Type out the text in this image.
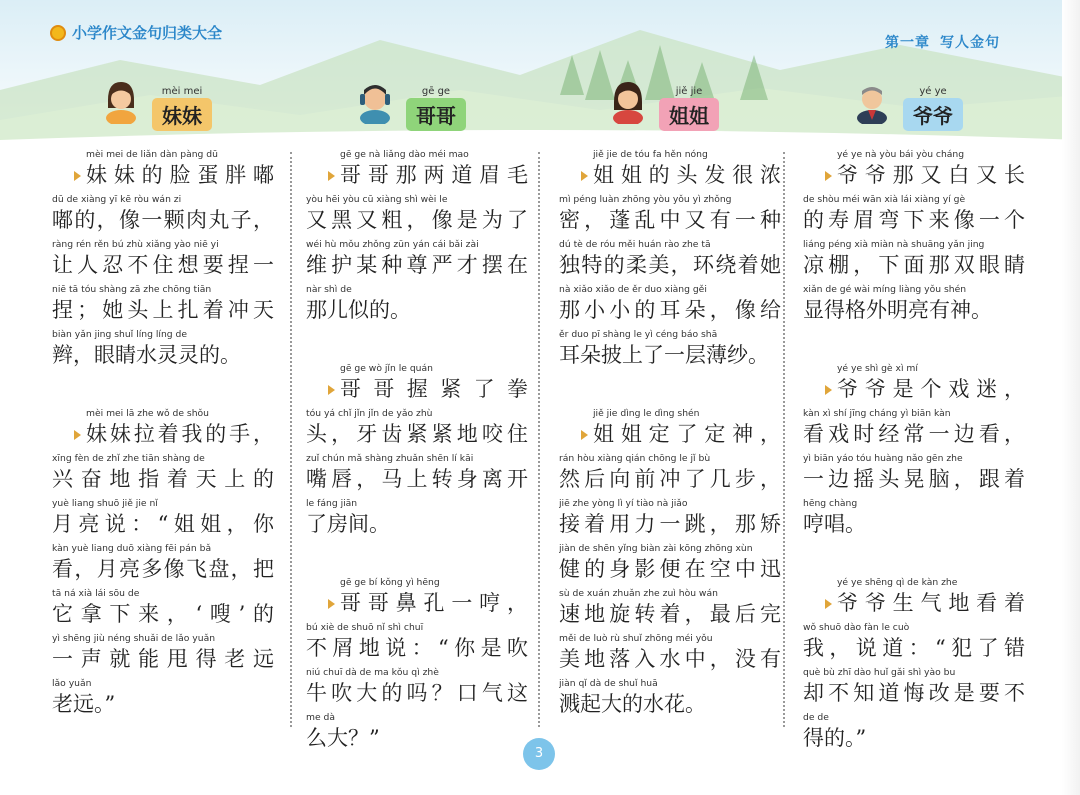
小学作文金句归类大全
第一章 写人金句
mèi mei
妹妹
mèi mei de liǎn dàn pàng dū
妹妹的脸蛋胖嘟
dū de xiàng yī kē ròu wán zi
嘟的，像一颗肉丸子，
ràng rén rěn bú zhù xiǎng yào niē yi
让人忍不住想要捏一
niē tā tóu shàng zā zhe chōng tiān
捏；她头上扎着冲天
biàn yǎn jing shuǐ líng líng de
辫，眼睛水灵灵的。
mèi mei lā zhe wǒ de shǒu
妹妹拉着我的手，
xīng fèn de zhǐ zhe tiān shàng de
兴奋地指着天上的
yuè liang shuō jiě jie nǐ
月亮说：“姐姐，你
kàn yuè liang duō xiàng fēi pán bǎ
看，月亮多像飞盘，把
tā ná xià lái sōu de
它拿下来，‘嗖’的
yì shēng jiù néng shuǎi de lǎo yuǎn
一声就能甩得老远
lǎo yuǎn
老远。”
gē ge
哥哥
gē ge nà liǎng dào méi mao
哥哥那两道眉毛
yòu hēi yòu cū xiàng shì wèi le
又黑又粗，像是为了
wéi hù mǒu zhǒng zūn yán cái bǎi zài
维护某种尊严才摆在
nàr shì de
那儿似的。
gē ge wò jǐn le quán
哥哥握紧了拳
tóu yá chǐ jǐn jǐn de yǎo zhù
头，牙齿紧紧地咬住
zuǐ chún mǎ shàng zhuǎn shēn lí kāi
嘴唇，马上转身离开
le fáng jiān
了房间。
gē ge bí kǒng yì hēng
哥哥鼻孔一哼，
bú xiè de shuō nǐ shì chuī
不屑地说：“你是吹
niú chuī dà de ma kǒu qì zhè
牛吹大的吗？口气这
me dà
么大？”
jiě jie
姐姐
jiě jie de tóu fa hěn nóng
姐姐的头发很浓
mì péng luàn zhōng yòu yǒu yì zhǒng
密，蓬乱中又有一种
dú tè de róu měi huán rào zhe tā
独特的柔美，环绕着她
nà xiǎo xiǎo de ěr duo xiàng gěi
那小小的耳朵，像给
ěr duo pī shàng le yì céng báo shā
耳朵披上了一层薄纱。
jiě jie dìng le dìng shén
姐姐定了定神，
rán hòu xiàng qián chōng le jǐ bù
然后向前冲了几步，
jiē zhe yòng lì yí tiào nà jiǎo
接着用力一跳，那矫
jiàn de shēn yǐng biàn zài kōng zhōng xùn
健的身影便在空中迅
sù de xuán zhuǎn zhe zuì hòu wán
速地旋转着，最后完
měi de luò rù shuǐ zhōng méi yǒu
美地落入水中，没有
jiàn qǐ dà de shuǐ huā
溅起大的水花。
yé ye
爷爷
yé ye nà yòu bái yòu cháng
爷爷那又白又长
de shòu méi wān xià lái xiàng yí gè
的寿眉弯下来像一个
liáng péng xià miàn nà shuāng yǎn jing
凉棚，下面那双眼睛
xiǎn de gé wài míng liàng yǒu shén
显得格外明亮有神。
yé ye shì gè xì mí
爷爷是个戏迷，
kàn xì shí jīng cháng yì biān kàn
看戏时经常一边看，
yì biān yáo tóu huàng nǎo gēn zhe
一边摇头晃脑，跟着
hēng chàng
哼唱。
yé ye shēng qì de kàn zhe
爷爷生气地看着
wǒ shuō dào fàn le cuò
我，说道：“犯了错
què bù zhī dào huǐ gǎi shì yào bu
却不知道悔改是要不
de de
得的。”
3
